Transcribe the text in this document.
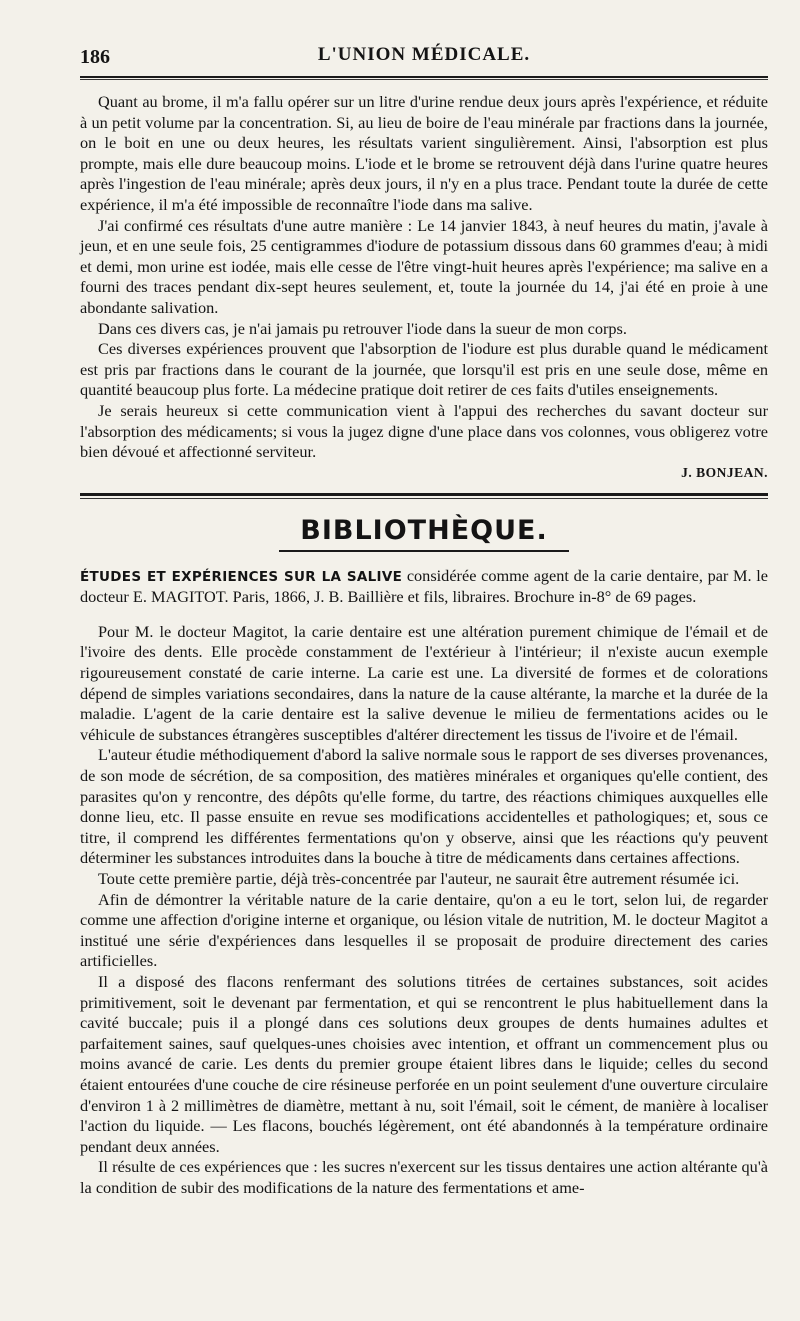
186	L'UNION MÉDICALE.

Quant au brome, il m'a fallu opérer sur un litre d'urine rendue deux jours après l'expérience, et réduite à un petit volume par la concentration. Si, au lieu de boire de l'eau minérale par fractions dans la journée, on le boit en une ou deux heures, les résultats varient singulièrement. Ainsi, l'absorption est plus prompte, mais elle dure beaucoup moins. L'iode et le brome se retrouvent déjà dans l'urine quatre heures après l'ingestion de l'eau minérale; après deux jours, il n'y en a plus trace. Pendant toute la durée de cette expérience, il m'a été impossible de reconnaître l'iode dans ma salive.

J'ai confirmé ces résultats d'une autre manière : Le 14 janvier 1843, à neuf heures du matin, j'avale à jeun, et en une seule fois, 25 centigrammes d'iodure de potassium dissous dans 60 grammes d'eau; à midi et demi, mon urine est iodée, mais elle cesse de l'être vingt-huit heures après l'expérience; ma salive en a fourni des traces pendant dix-sept heures seulement, et, toute la journée du 14, j'ai été en proie à une abondante salivation.

Dans ces divers cas, je n'ai jamais pu retrouver l'iode dans la sueur de mon corps.

Ces diverses expériences prouvent que l'absorption de l'iodure est plus durable quand le médicament est pris par fractions dans le courant de la journée, que lorsqu'il est pris en une seule dose, même en quantité beaucoup plus forte. La médecine pratique doit retirer de ces faits d'utiles enseignements.

Je serais heureux si cette communication vient à l'appui des recherches du savant docteur sur l'absorption des médicaments; si vous la jugez digne d'une place dans vos colonnes, vous obligerez votre bien dévoué et affectionné serviteur.

J. BONJEAN.
BIBLIOTHÈQUE.
ÉTUDES ET EXPÉRIENCES SUR LA SALIVE considérée comme agent de la carie dentaire, par M. le docteur E. MAGITOT. Paris, 1866, J. B. Baillière et fils, libraires. Brochure in-8° de 69 pages.

Pour M. le docteur Magitot, la carie dentaire est une altération purement chimique de l'émail et de l'ivoire des dents. Elle procède constamment de l'extérieur à l'intérieur; il n'existe aucun exemple rigoureusement constaté de carie interne. La carie est une. La diversité de formes et de colorations dépend de simples variations secondaires, dans la nature de la cause altérante, la marche et la durée de la maladie. L'agent de la carie dentaire est la salive devenue le milieu de fermentations acides ou le véhicule de substances étrangères susceptibles d'altérer directement les tissus de l'ivoire et de l'émail.

L'auteur étudie méthodiquement d'abord la salive normale sous le rapport de ses diverses provenances, de son mode de sécrétion, de sa composition, des matières minérales et organiques qu'elle contient, des parasites qu'on y rencontre, des dépôts qu'elle forme, du tartre, des réactions chimiques auxquelles elle donne lieu, etc. Il passe ensuite en revue ses modifications accidentelles et pathologiques; et, sous ce titre, il comprend les différentes fermentations qu'on y observe, ainsi que les réactions qu'y peuvent déterminer les substances introduites dans la bouche à titre de médicaments dans certaines affections.

Toute cette première partie, déjà très-concentrée par l'auteur, ne saurait être autrement résumée ici.

Afin de démontrer la véritable nature de la carie dentaire, qu'on a eu le tort, selon lui, de regarder comme une affection d'origine interne et organique, ou lésion vitale de nutrition, M. le docteur Magitot a institué une série d'expériences dans lesquelles il se proposait de produire directement des caries artificielles.

Il a disposé des flacons renfermant des solutions titrées de certaines substances, soit acides primitivement, soit le devenant par fermentation, et qui se rencontrent le plus habituellement dans la cavité buccale; puis il a plongé dans ces solutions deux groupes de dents humaines adultes et parfaitement saines, sauf quelques-unes choisies avec intention, et offrant un commencement plus ou moins avancé de carie. Les dents du premier groupe étaient libres dans le liquide; celles du second étaient entourées d'une couche de cire résineuse perforée en un point seulement d'une ouverture circulaire d'environ 1 à 2 millimètres de diamètre, mettant à nu, soit l'émail, soit le cément, de manière à localiser l'action du liquide. — Les flacons, bouchés légèrement, ont été abandonnés à la température ordinaire pendant deux années.

Il résulte de ces expériences que : les sucres n'exercent sur les tissus dentaires une action altérante qu'à la condition de subir des modifications de la nature des fermentations et ame-
